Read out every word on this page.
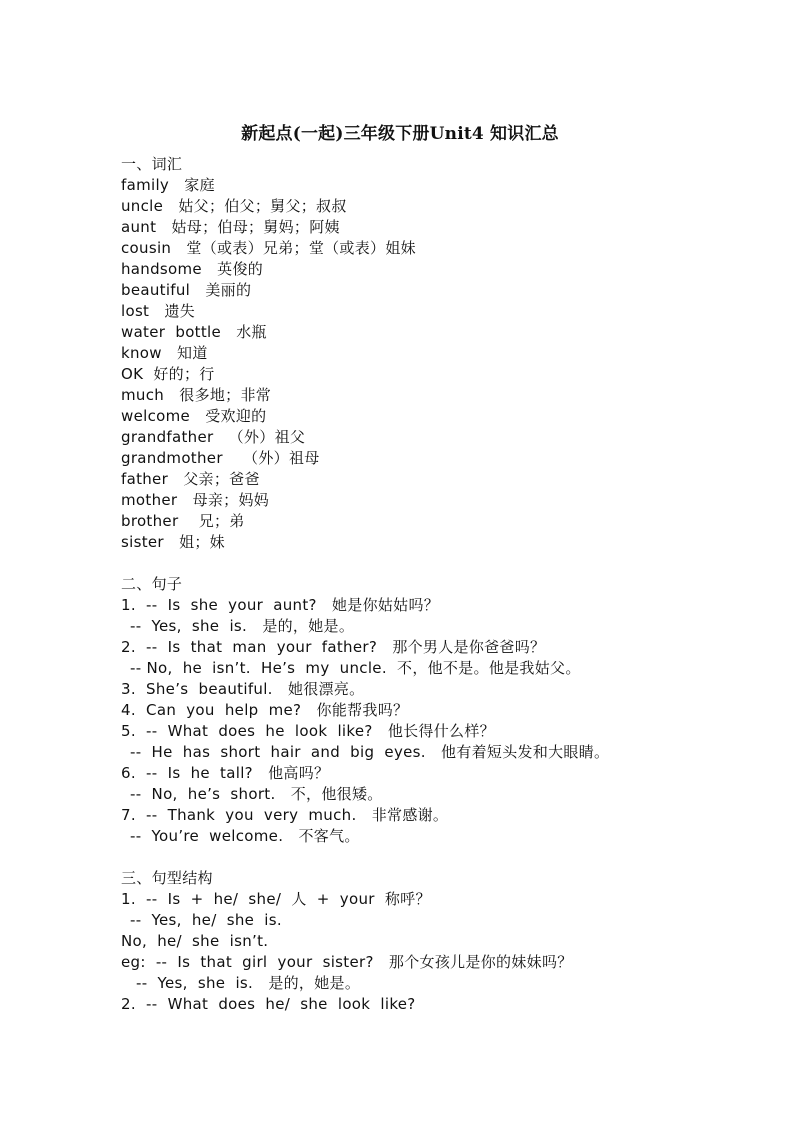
新起点(一起)三年级下册Unit4 知识汇总
一、词汇
family   家庭
uncle   姑父；伯父；舅父；叔叔
aunt   姑母；伯母；舅妈；阿姨
cousin   堂（或表）兄弟；堂（或表）姐妹
handsome   英俊的
beautiful   美丽的
lost   遗失
water  bottle   水瓶
know   知道
OK  好的；行
much   很多地；非常
welcome   受欢迎的
grandfather   （外）祖父
grandmother    （外）祖母
father   父亲；爸爸
mother   母亲；妈妈
brother    兄；弟
sister   姐；妹
二、句子
1.  --  Is  she  your  aunt?   她是你姑姑吗？
--  Yes,  she  is.   是的，她是。
2.  --  Is  that  man  your  father?   那个男人是你爸爸吗？
-- No,  he  isn’t.  He’s  my  uncle.  不，他不是。他是我姑父。
3.  She’s  beautiful.   她很漂亮。
4.  Can  you  help  me?   你能帮我吗？
5.  --  What  does  he  look  like?   他长得什么样？
--  He  has  short  hair  and  big  eyes.   他有着短头发和大眼睛。
6.  --  Is  he  tall?   他高吗？
--  No,  he’s  short.   不，他很矮。
7.  --  Thank  you  very  much.   非常感谢。
--  You’re  welcome.   不客气。
三、句型结构
1.  --  Is  +  he/  she/  人  +  your  称呼？
--  Yes,  he/  she  is.
No,  he/  she  isn’t.
eg:  --  Is  that  girl  your  sister?   那个女孩儿是你的妹妹吗？
--  Yes,  she  is.   是的，她是。
2.  --  What  does  he/  she  look  like?
